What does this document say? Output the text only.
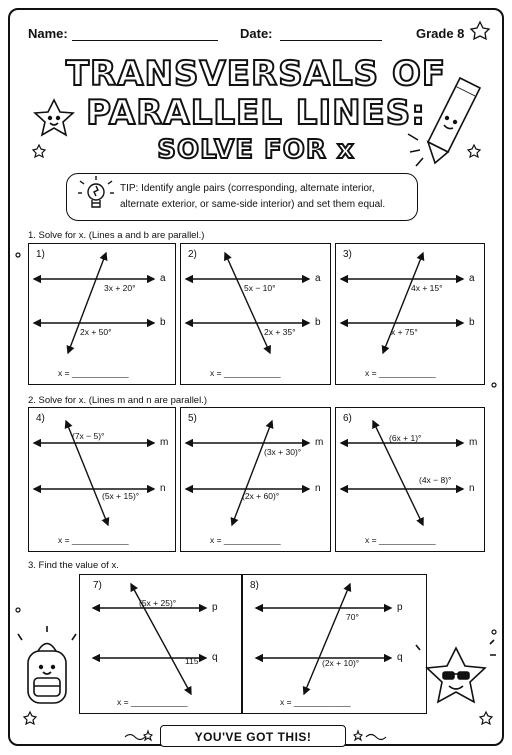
Name:	Date:	Grade 8
TRANSVERSALS OF
PARALLEL LINES:
SOLVE FOR x
TIP: Identify angle pairs (corresponding, alternate interior,
alternate exterior, or same-side interior) and set them equal.
1. Solve for x. (Lines a and b are parallel.)
2. Solve for x. (Lines m and n are parallel.)
3. Find the value of x.
1)
a
b
3x + 20°
2x + 50°
x = ____________
2)
a
b
5x − 10°
2x + 35°
x = ____________
3)
a
b
4x + 15°
x + 75°
x = ____________
4)
m
n
(7x − 5)°
(5x + 15)°
x = ____________
5)
m
n
(3x + 30)°
(2x + 60)°
x = ____________
6)
m
n
(6x + 1)°
(4x − 8)°
x = ____________
7)
p
q
(5x + 25)°
115°
x = ____________
8)
p
q
70°
(2x + 10)°
x = ____________
YOU'VE GOT THIS!
